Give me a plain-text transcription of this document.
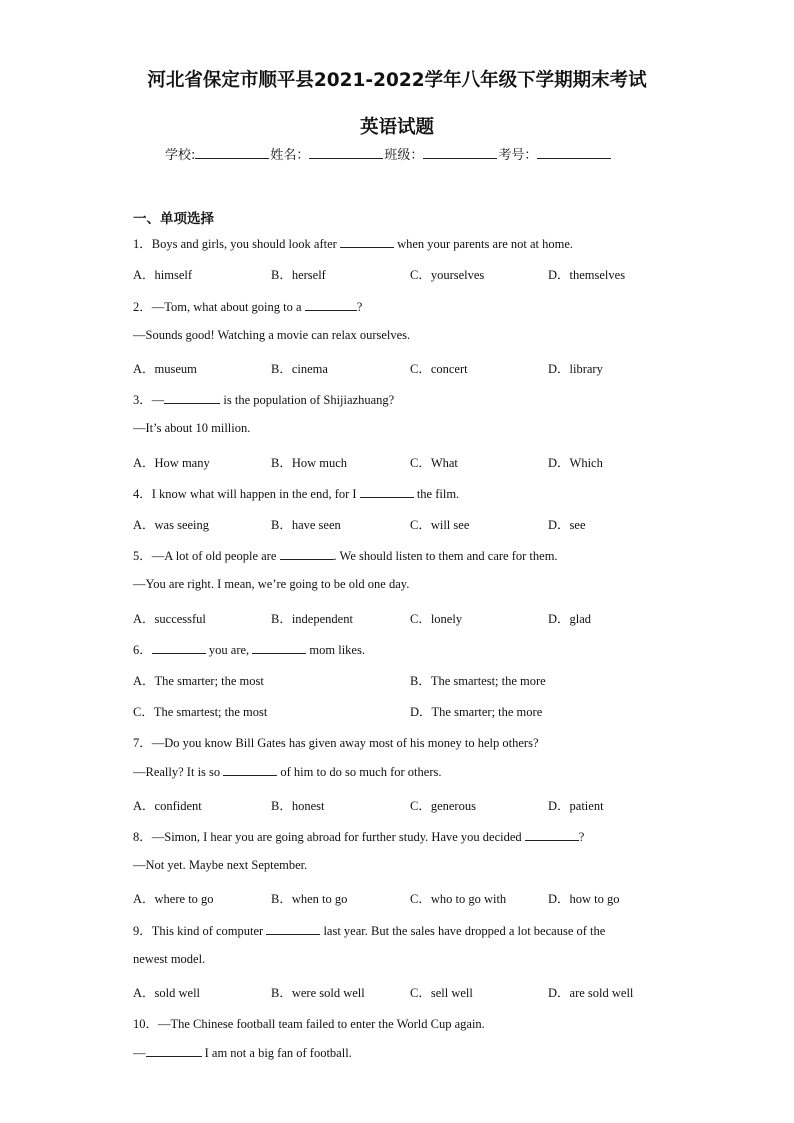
河北省保定市顺平县2021-2022学年八年级下学期期末考试
英语试题
学校:	姓名：	班级：	考号：
一、单项选择
1．Boys and girls, you should look after	when your parents are not at home.
A．himself	B．herself	C．yourselves	D．themselves
2．—Tom, what about going to a	?
—Sounds good! Watching a movie can relax ourselves.
A．museum	B．cinema	C．concert	D．library
3．—	is the population of Shijiazhuang?
—It’s about 10 million.
A．How many	B．How much	C．What	D．Which
4．I know what will happen in the end, for I	the film.
A．was seeing	B．have seen	C．will see	D．see
5．—A lot of old people are	. We should listen to them and care for them.
—You are right. I mean, we’re going to be old one day.
A．successful	B．independent	C．lonely	D．glad
6．	you are,	mom likes.
A．The smarter; the most	B．The smartest; the more
C．The smartest; the most	D．The smarter; the more
7．—Do you know Bill Gates has given away most of his money to help others?
—Really? It is so	of him to do so much for others.
A．confident	B．honest	C．generous	D．patient
8．—Simon, I hear you are going abroad for further study. Have you decided	?
—Not yet. Maybe next September.
A．where to go	B．when to go	C．who to go with	D．how to go
9．This kind of computer	last year. But the sales have dropped a lot because of the
newest model.
A．sold well	B．were sold well	C．sell well	D．are sold well
10．—The Chinese football team failed to enter the World Cup again.
—	I am not a big fan of football.
